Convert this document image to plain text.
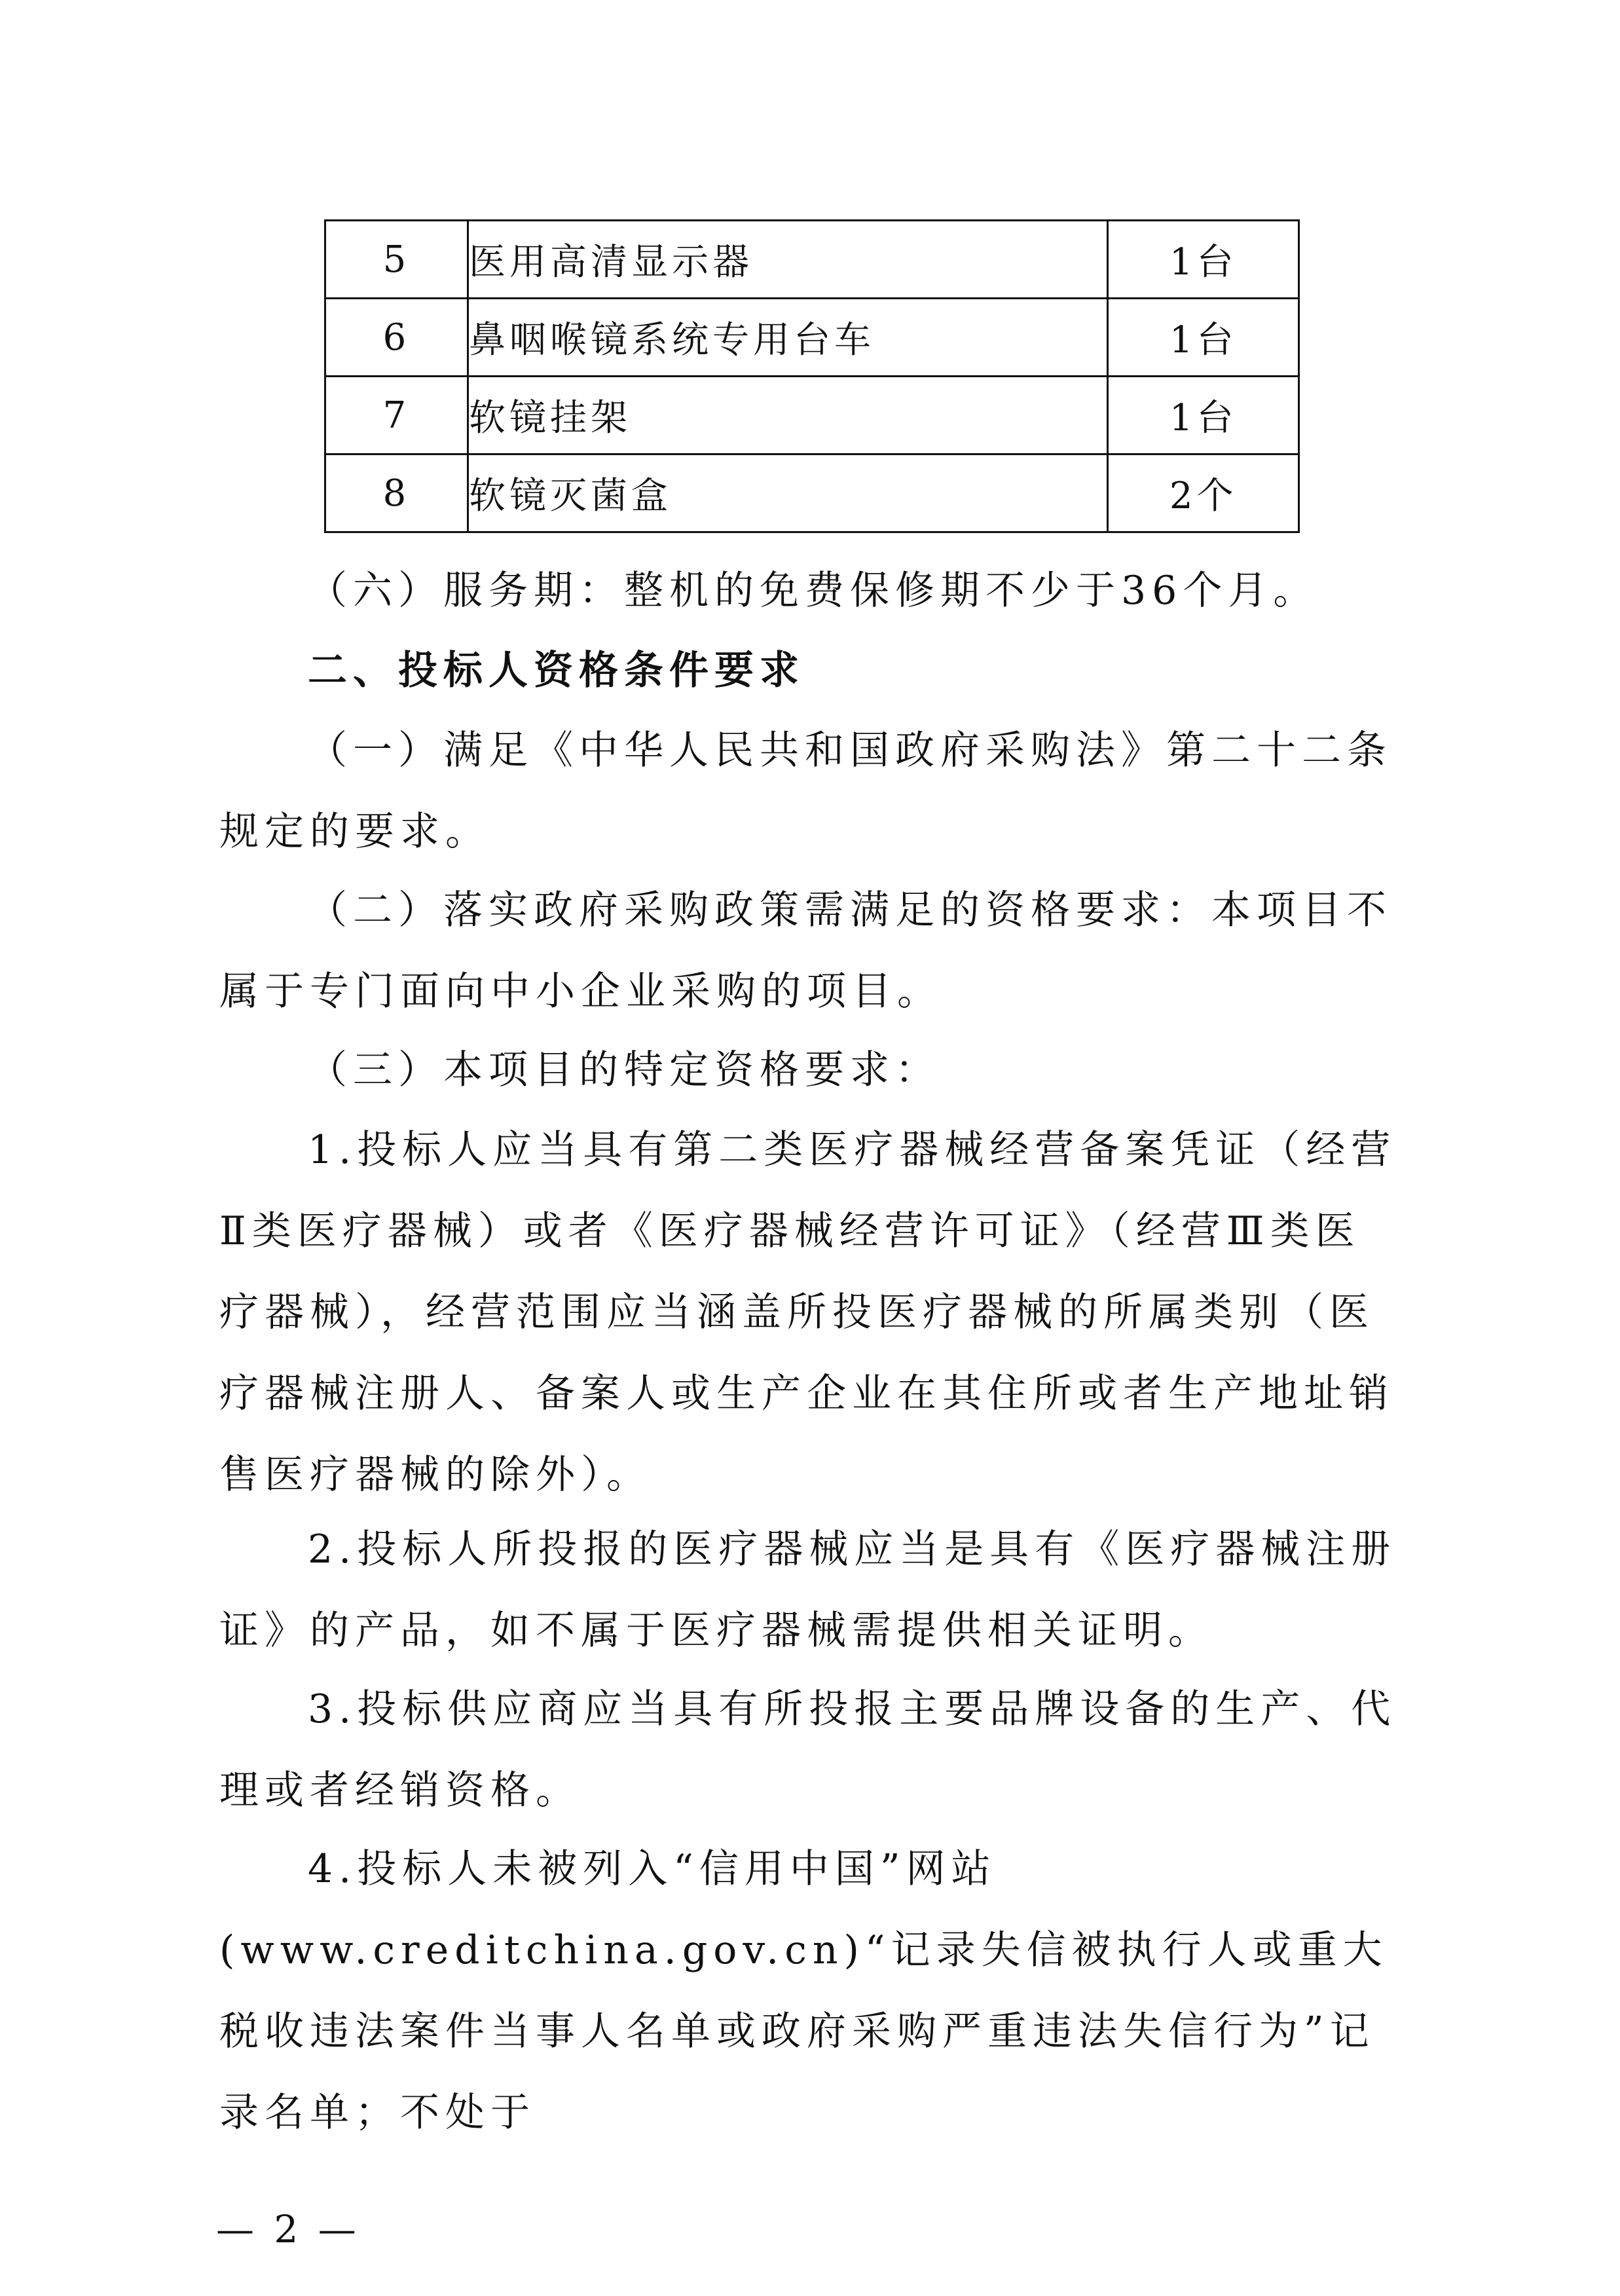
5	医用高清显示器	1台
6	鼻咽喉镜系统专用台车	1台
7	软镜挂架	1台
8	软镜灭菌盒	2个

（六）服务期：整机的免费保修期不少于36个月。

二、投标人资格条件要求

（一）满足《中华人民共和国政府采购法》第二十二条规定的要求。

（二）落实政府采购政策需满足的资格要求：本项目不属于专门面向中小企业采购的项目。

（三）本项目的特定资格要求：

1.投标人应当具有第二类医疗器械经营备案凭证（经营Ⅱ类医疗器械）或者《医疗器械经营许可证》（经营Ⅲ类医疗器械），经营范围应当涵盖所投医疗器械的所属类别（医疗器械注册人、备案人或生产企业在其住所或者生产地址销售医疗器械的除外）。

2.投标人所投报的医疗器械应当是具有《医疗器械注册证》的产品，如不属于医疗器械需提供相关证明。

3.投标供应商应当具有所投报主要品牌设备的生产、代理或者经销资格。

4.投标人未被列入“信用中国”网站(www.creditchina.gov.cn)“记录失信被执行人或重大税收违法案件当事人名单或政府采购严重违法失信行为”记录名单；不处于

— 2 —
